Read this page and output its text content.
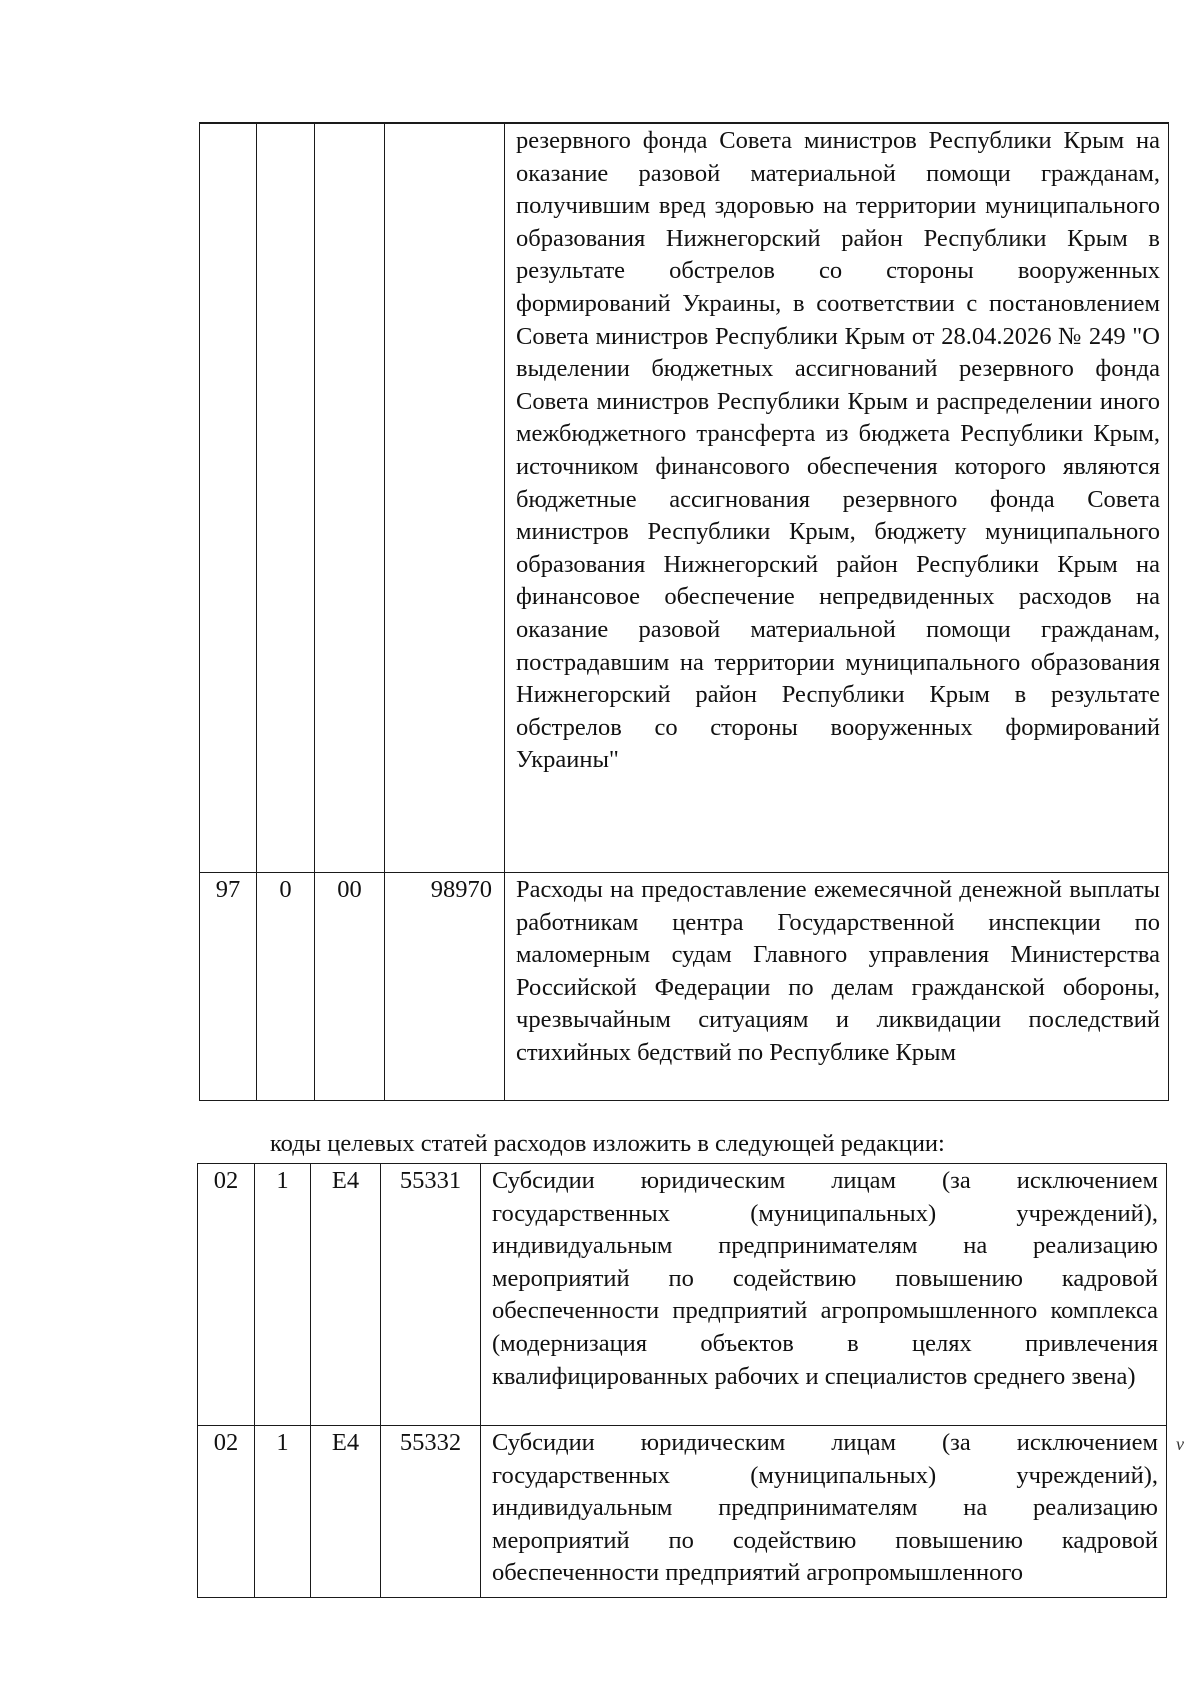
				резервного фонда Совета министров Республики Крым на оказание разовой материальной помощи гражданам, получившим вред здоровью на территории муниципального образования Нижнегорский район Республики Крым в результате обстрелов со стороны вооруженных формирований Украины, в соответствии с постановлением Совета министров Республики Крым от 28.04.2026 № 249 "О выделении бюджетных ассигнований резервного фонда Совета министров Республики Крым и распределении иного межбюджетного трансферта из бюджета Республики Крым, источником финансового обеспечения которого являются бюджетные ассигнования резервного фонда Совета министров Республики Крым, бюджету муниципального образования Нижнегорский район Республики Крым на финансовое обеспечение непредвиденных расходов на оказание разовой материальной помощи гражданам, пострадавшим на территории муниципального образования Нижнегорский район Республики Крым в результате обстрелов со стороны вооруженных формирований Украины"
97	0	00	98970	Расходы на предоставление ежемесячной денежной выплаты работникам центра Государственной инспекции по маломерным судам Главного управления Министерства Российской Федерации по делам гражданской обороны, чрезвычайным ситуациям и ликвидации последствий стихийных бедствий по Республике Крым
коды целевых статей расходов изложить в следующей редакции:
02	1	Е4	55331	Субсидии юридическим лицам (за исключением государственных (муниципальных) учреждений), индивидуальным предпринимателям на реализацию мероприятий по содействию повышению кадровой обеспеченности предприятий агропромышленного комплекса (модернизация объектов в целях привлечения квалифицированных рабочих и специалистов среднего звена)
02	1	Е4	55332	Субсидии юридическим лицам (за исключением государственных (муниципальных) учреждений), индивидуальным предпринимателям на реализацию мероприятий по содействию повышению кадровой обеспеченности предприятий агропромышленного
v
